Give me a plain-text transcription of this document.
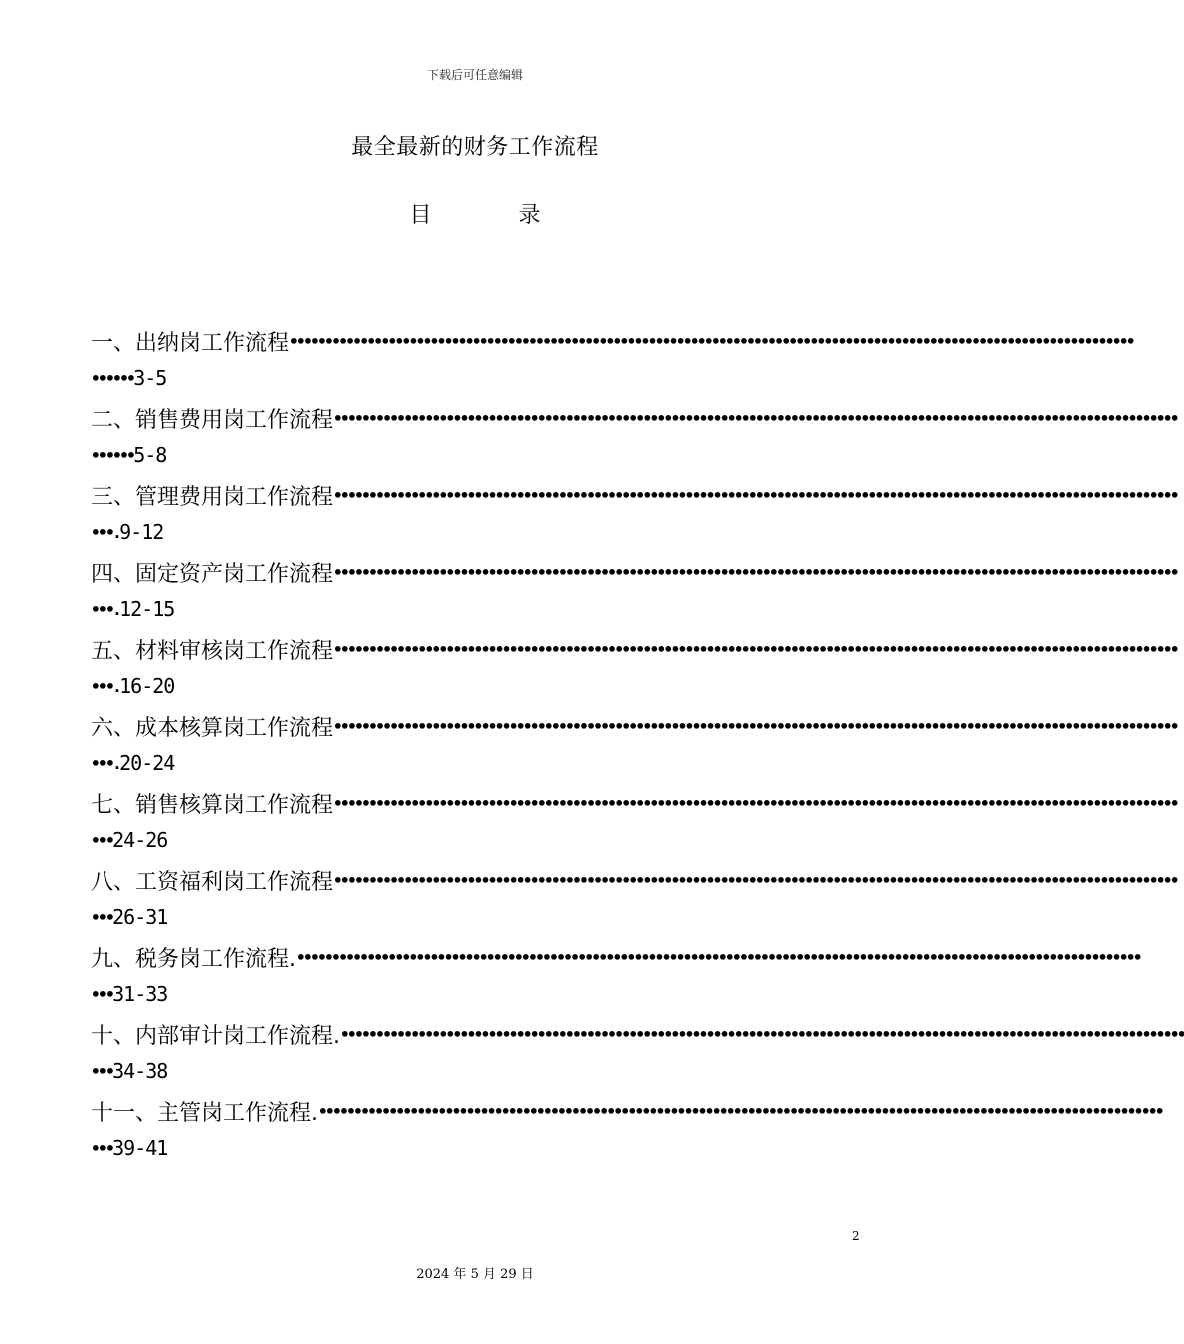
下载后可任意编辑
最全最新的财务工作流程
目 录
一、出纳岗工作流程 ••••••••••••••••••••••••••••••••••••••••••••••••••••••••••••••••••••••••••••••••••••••••••••••••••••••••••••••••••••••••
•••••• 3-5
二、销售费用岗工作流程 ••••••••••••••••••••••••••••••••••••••••••••••••••••••••••••••••••••••••••••••••••••••••••••••••••••••••••••••••••••••••
•••••• 5-8
三、管理费用岗工作流程 ••••••••••••••••••••••••••••••••••••••••••••••••••••••••••••••••••••••••••••••••••••••••••••••••••••••••••••••••••••••••
•••. 9-12
四、固定资产岗工作流程 ••••••••••••••••••••••••••••••••••••••••••••••••••••••••••••••••••••••••••••••••••••••••••••••••••••••••••••••••••••••••
•••. 12-15
五、材料审核岗工作流程 ••••••••••••••••••••••••••••••••••••••••••••••••••••••••••••••••••••••••••••••••••••••••••••••••••••••••••••••••••••••••
•••. 16-20
六、成本核算岗工作流程 ••••••••••••••••••••••••••••••••••••••••••••••••••••••••••••••••••••••••••••••••••••••••••••••••••••••••••••••••••••••••
•••. 20-24
七、销售核算岗工作流程 ••••••••••••••••••••••••••••••••••••••••••••••••••••••••••••••••••••••••••••••••••••••••••••••••••••••••••••••••••••••••
••• 24-26
八、工资福利岗工作流程 ••••••••••••••••••••••••••••••••••••••••••••••••••••••••••••••••••••••••••••••••••••••••••••••••••••••••••••••••••••••••
••• 26-31
九、税务岗工作流程. ••••••••••••••••••••••••••••••••••••••••••••••••••••••••••••••••••••••••••••••••••••••••••••••••••••••••••••••••••••••••
••• 31-33
十、内部审计岗工作流程. ••••••••••••••••••••••••••••••••••••••••••••••••••••••••••••••••••••••••••••••••••••••••••••••••••••••••••••••••••••••••
••• 34-38
十一、主管岗工作流程. ••••••••••••••••••••••••••••••••••••••••••••••••••••••••••••••••••••••••••••••••••••••••••••••••••••••••••••••••••••••••
••• 39-41
2
2024 年 5 月 29 日
